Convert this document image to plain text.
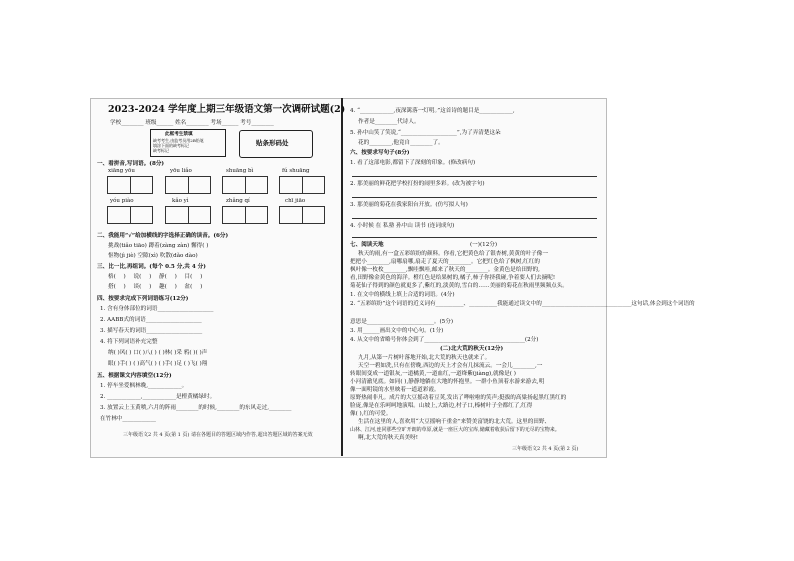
2023-2024 学年度上期三年级语文第一次调研试题(2)
学校________ 班级______ 姓名________ 考场______ 考号________
此框考生禁填
缺考考生,由监考员用2B铅笔
填涂下面的缺考标记
缺考标记
贴条形码处
一、看拼音,写词语。(8分)
xiāng yōu	yōu liǎo	shuāng bì	fú shuāng
yóu piào	kǎo yì	zhǎng qí	chī jiāo
二、我能用“√”给加横线的字选择正确的读音。(6分)
挑战(tiǎo tiāo) 蹲着(zàng zàn) 懈得( )
怄物(jì jiè) 空隙(xì) 吹散(dǎo dào)
三、比一比,再组词。(每个 0.5 分,共 4 分)
格( ) 说( ) 静( ) 目( )
搭( ) 谈( ) 趣( ) 盆( )
四、按要求完成下列词语练习(12分)
1. 含有身体部位的词语____________________
2. AABB式的词语____________________
3. 描写春天的词语____________________
4. 将下列词语补充完整
纳( )风( ) 口( )八( ) ( )林( )采 鸦( )( )声
眼( )手( ) ( )高气( ) ( )手( )足 ( )飞( )翔
五、根据课文内容填空(12分)
1. 停车坐爱枫林晚,____________。
2. ____________,____________是橙黄橘绿时。
3. 放置云上玉黄喷,六月的阵雨________的时候,________的东风走过,________
在竹林中____________
三年级语文2 共 4 页(第 1 页) 请在各题目的答题区域内作答,超出答题区域的答案无效
4. “____________,夜深篱落一灯明。”这首诗的题目是____________,
作者是________代诗人。
5. 孙中山笑了笑说,“____________________”,为了弄清楚这朵
花的________,他竟自________了。
六、按要求写句子(8分)
1. 看了这部电影,都留下了深刻的印象。(修改病句)
2. 那美丽的鲜花把学校打扮的闹里多彩。(改为被字句)
3. 那美丽的菊花在我家阳台开放。(仿写拟人句)
4. 小时候 在 私塾 孙中山 读书 (连词成句)
七、阅读天地	(一)(12分)
秋天的雨,有一盒五彩缤纷的颜料。你看,它把黄色给了银杏树,黄黄的叶子像一
把把小________,扇哪扇哪,扇走了夏天的________。它把红色给了枫树,红红的
枫叶像一枚枚________,飘哇飘哇,邮来了秋天的________。金黄色是给田野的,
看,田野像金黄色的海洋。橙红色是给果树的,橘子,柿子你挤我碰,争着要人们去摘呢!
菊花仙子得到的颜色就更多了,紫红的,淡黄的,雪白的……美丽的菊花在秋雨里频频点头。
1. 在文中的横线上填上合适的词语。(4分)
2. “五彩缤纷”这个词语的近义词有__________、__________我能通过读文中的________________________________这句话,体会到这个词语的
意思是________________________。(5分)
3. 用______画出文中的中心句。(1分)
4. 从文中的省略号你体会到了____________________________________(2分)
(二)北大荒的秋天(12分)
九月,从第一片树叶落地开始,北大荒的秋天也就来了。
天空一碧如洗,只有在傍晚,西边的天上才会有几抹流云。一会儿________,一
转眼间变成一道银灰,一道橘黄,一道血红,一道绛紫(jiàng),就像是( )
小河清澈见底。如同( ),静静地躺在大地的怀抱里。一群小鱼顶着水游来游去,明
像一面明镜的水里映着一道道彩霞。
原野热闹非凡。成片的大豆摇动着豆荚,发出了哗啦啦的笑声;挺拔的高粱扬起黑红黑红的
脸庞,像是在乐呵呵地演唱。山坡上,大路边,村子口,榛树叶子全都红了,红得
像( ),红的可爱。
生活在这里的人,喜欢用“大豆摇响千重金”来赞美富饶的北大荒。这里的田野、
山林、江河,连同那些空旷开朗的草原,就是一座巨大的宝库,储藏着收获后留下的无尽的宝物来。
啊,北大荒的秋天真美呀!
三年级语文2 共 4 页(第 2 页)
